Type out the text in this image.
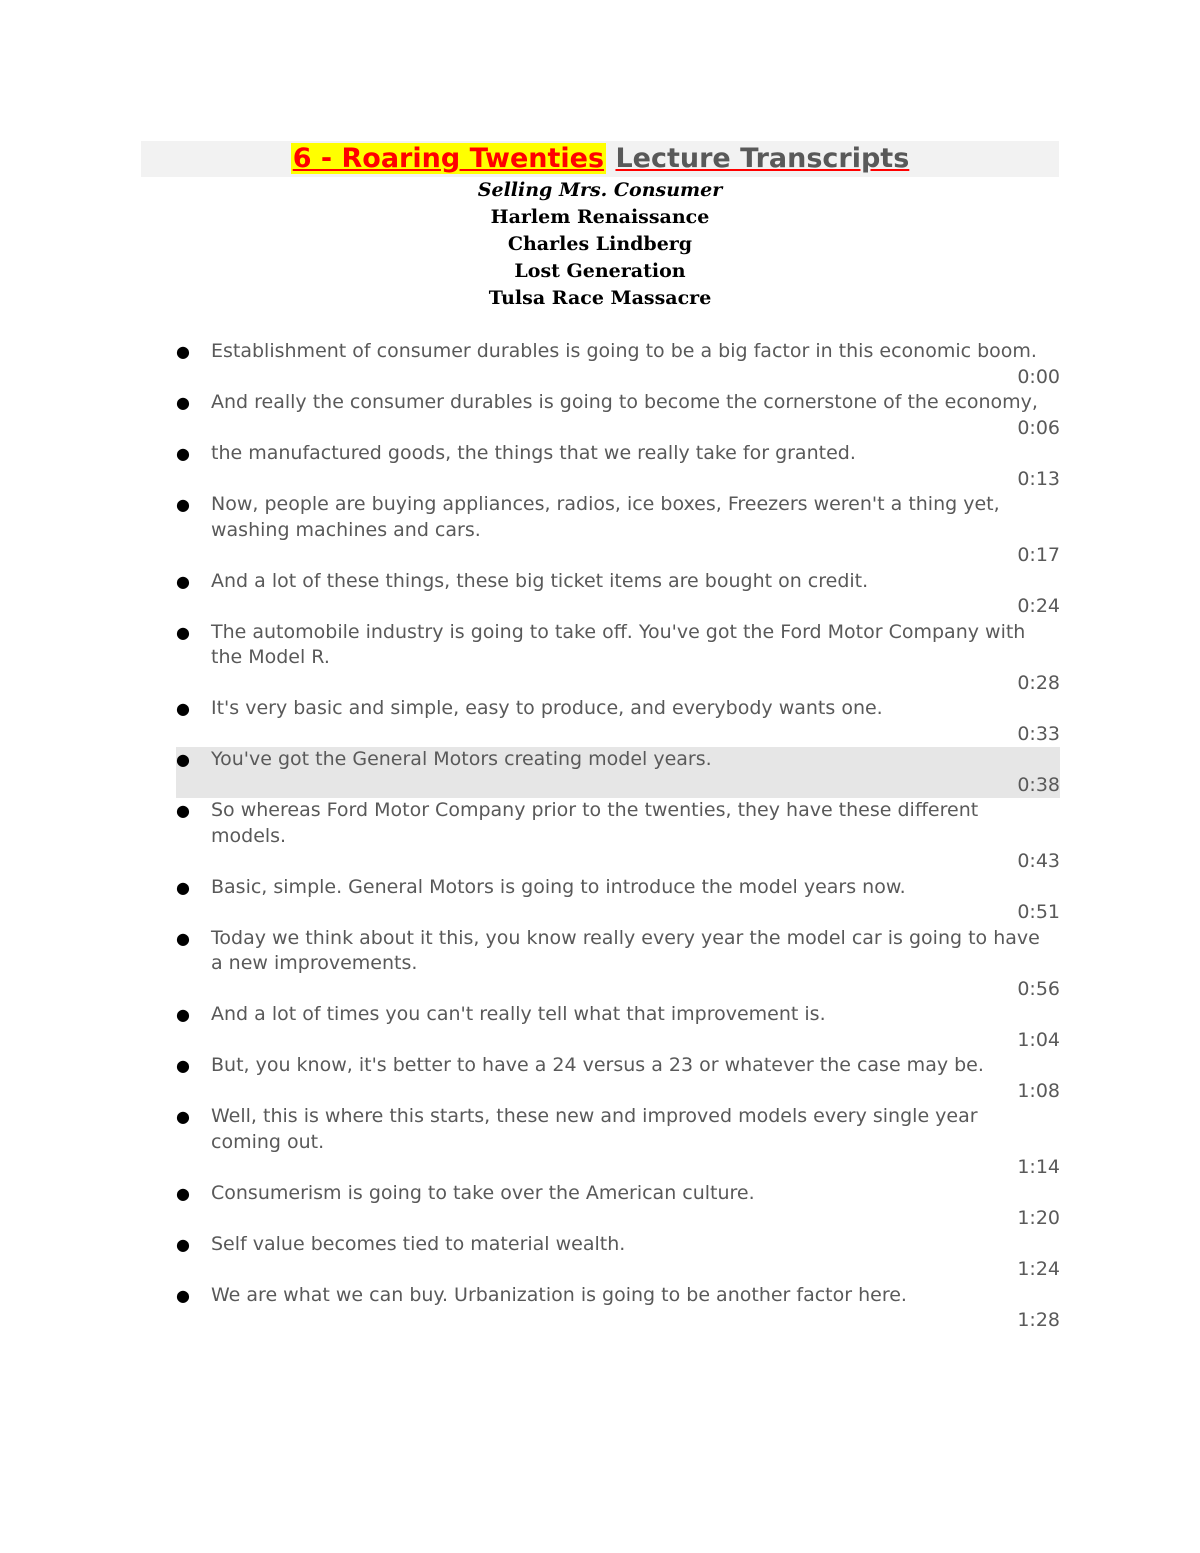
6 - Roaring Twenties Lecture Transcripts
Selling Mrs. Consumer
Harlem Renaissance
Charles Lindberg
Lost Generation
Tulsa Race Massacre
● Establishment of consumer durables is going to be a big factor in this economic boom.
0:00
● And really the consumer durables is going to become the cornerstone of the economy,
0:06
● the manufactured goods, the things that we really take for granted.
0:13
● Now, people are buying appliances, radios, ice boxes, Freezers weren't a thing yet, washing machines and cars.
0:17
● And a lot of these things, these big ticket items are bought on credit.
0:24
● The automobile industry is going to take off. You've got the Ford Motor Company with the Model R.
0:28
● It's very basic and simple, easy to produce, and everybody wants one.
0:33
● You've got the General Motors creating model years.
0:38
● So whereas Ford Motor Company prior to the twenties, they have these different models.
0:43
● Basic, simple. General Motors is going to introduce the model years now.
0:51
● Today we think about it this, you know really every year the model car is going to have a new improvements.
0:56
● And a lot of times you can't really tell what that improvement is.
1:04
● But, you know, it's better to have a 24 versus a 23 or whatever the case may be.
1:08
● Well, this is where this starts, these new and improved models every single year coming out.
1:14
● Consumerism is going to take over the American culture.
1:20
● Self value becomes tied to material wealth.
1:24
● We are what we can buy. Urbanization is going to be another factor here.
1:28
